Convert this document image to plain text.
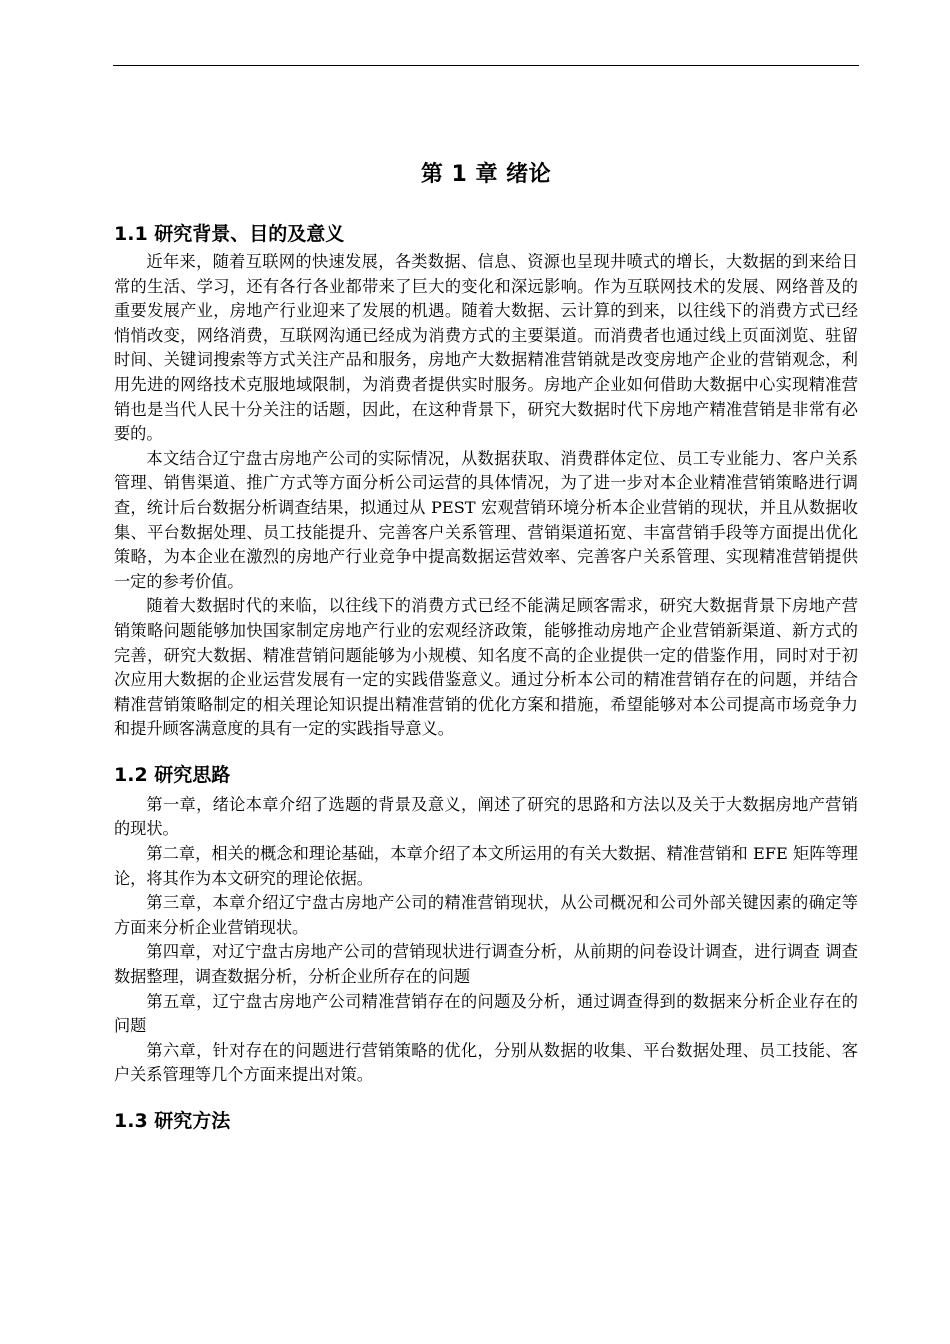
第 1 章 绪论
1.1 研究背景、目的及意义

近年来，随着互联网的快速发展，各类数据、信息、资源也呈现井喷式的增长，大数据的到来给日常的生活、学习，还有各行各业都带来了巨大的变化和深远影响。作为互联网技术的发展、网络普及的重要发展产业，房地产行业迎来了发展的机遇。随着大数据、云计算的到来，以往线下的消费方式已经悄悄改变，网络消费，互联网沟通已经成为消费方式的主要渠道。而消费者也通过线上页面浏览、驻留时间、关键词搜索等方式关注产品和服务，房地产大数据精准营销就是改变房地产企业的营销观念，利用先进的网络技术克服地域限制，为消费者提供实时服务。房地产企业如何借助大数据中心实现精准营销也是当代人民十分关注的话题，因此，在这种背景下，研究大数据时代下房地产精准营销是非常有必要的。

本文结合辽宁盘古房地产公司的实际情况，从数据获取、消费群体定位、员工专业能力、客户关系管理、销售渠道、推广方式等方面分析公司运营的具体情况，为了进一步对本企业精准营销策略进行调查，统计后台数据分析调查结果，拟通过从 PEST 宏观营销环境分析本企业营销的现状，并且从数据收集、平台数据处理、员工技能提升、完善客户关系管理、营销渠道拓宽、丰富营销手段等方面提出优化策略，为本企业在激烈的房地产行业竞争中提高数据运营效率、完善客户关系管理、实现精准营销提供一定的参考价值。

随着大数据时代的来临，以往线下的消费方式已经不能满足顾客需求，研究大数据背景下房地产营销策略问题能够加快国家制定房地产行业的宏观经济政策，能够推动房地产企业营销新渠道、新方式的完善，研究大数据、精准营销问题能够为小规模、知名度不高的企业提供一定的借鉴作用，同时对于初次应用大数据的企业运营发展有一定的实践借鉴意义。通过分析本公司的精准营销存在的问题，并结合精准营销策略制定的相关理论知识提出精准营销的优化方案和措施，希望能够对本公司提高市场竞争力和提升顾客满意度的具有一定的实践指导意义。

1.2 研究思路

第一章，绪论本章介绍了选题的背景及意义，阐述了研究的思路和方法以及关于大数据房地产营销的现状。

第二章，相关的概念和理论基础，本章介绍了本文所运用的有关大数据、精准营销和 EFE 矩阵等理论，将其作为本文研究的理论依据。

第三章，本章介绍辽宁盘古房地产公司的精准营销现状，从公司概况和公司外部关键因素的确定等方面来分析企业营销现状。

第四章，对辽宁盘古房地产公司的营销现状进行调查分析，从前期的问卷设计调查，进行调查 调查数据整理，调查数据分析，分析企业所存在的问题

第五章，辽宁盘古房地产公司精准营销存在的问题及分析，通过调查得到的数据来分析企业存在的问题

第六章，针对存在的问题进行营销策略的优化，分别从数据的收集、平台数据处理、员工技能、客户关系管理等几个方面来提出对策。

1.3 研究方法
